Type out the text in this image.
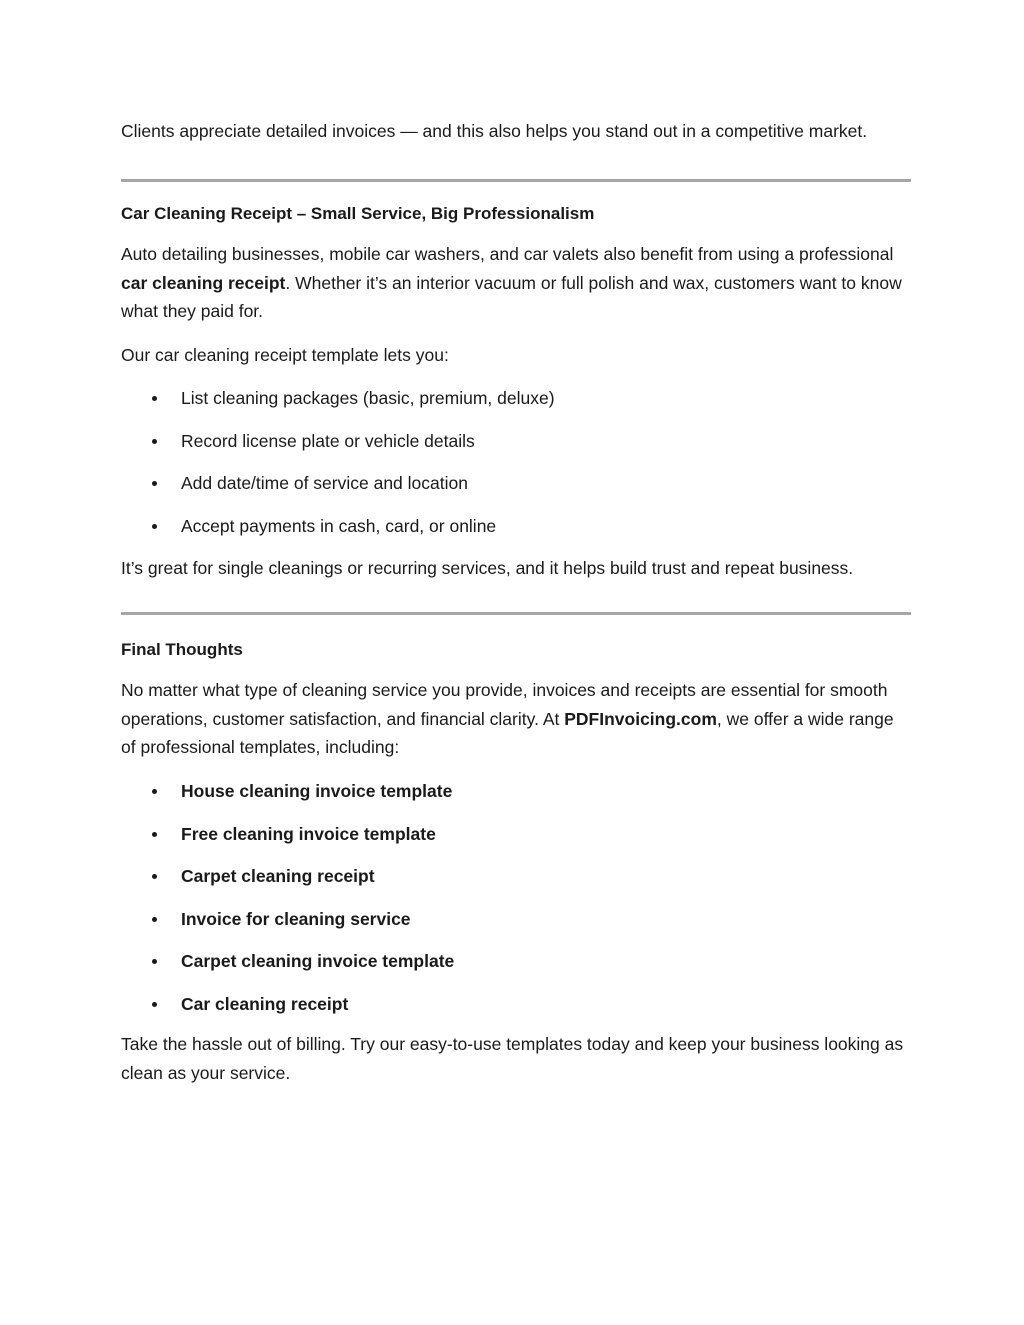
Clients appreciate detailed invoices — and this also helps you stand out in a competitive market.

Car Cleaning Receipt – Small Service, Big Professionalism

Auto detailing businesses, mobile car washers, and car valets also benefit from using a professional car cleaning receipt. Whether it’s an interior vacuum or full polish and wax, customers want to know what they paid for.

Our car cleaning receipt template lets you:

List cleaning packages (basic, premium, deluxe)
Record license plate or vehicle details
Add date/time of service and location
Accept payments in cash, card, or online

It’s great for single cleanings or recurring services, and it helps build trust and repeat business.

Final Thoughts

No matter what type of cleaning service you provide, invoices and receipts are essential for smooth operations, customer satisfaction, and financial clarity. At PDFInvoicing.com, we offer a wide range of professional templates, including:

House cleaning invoice template
Free cleaning invoice template
Carpet cleaning receipt
Invoice for cleaning service
Carpet cleaning invoice template
Car cleaning receipt

Take the hassle out of billing. Try our easy-to-use templates today and keep your business looking as clean as your service.
